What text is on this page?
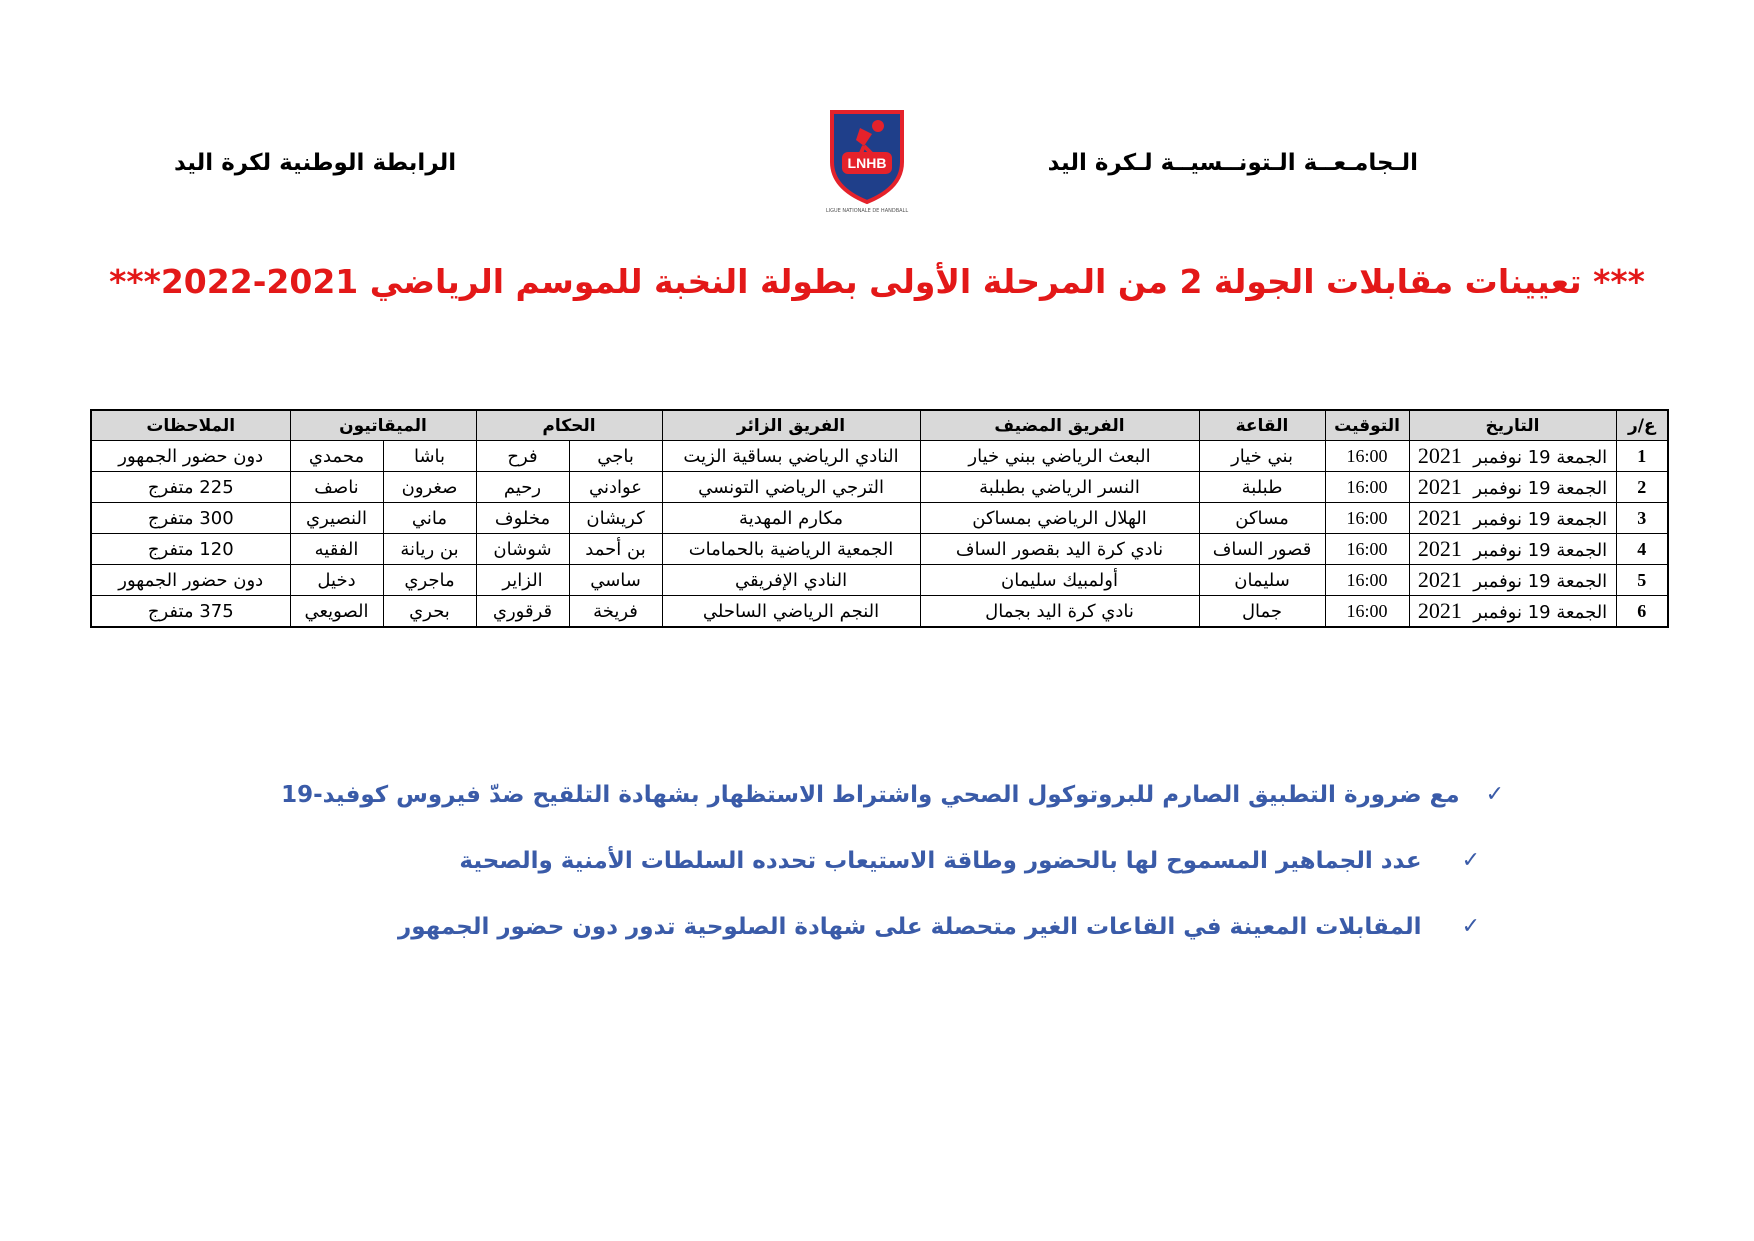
الـجامـعــة الـتونــسيــة لـكرة اليد
الرابطة الوطنية لكرة اليد	LNHB
LIGUE NATIONALE DE HANDBALL
*** تعيينات مقابلات الجولة 2 من المرحلة الأولى بطولة النخبة للموسم الرياضي 2021-2022***
ع/ر	التاريخ	التوقيت	القاعة	الفريق المضيف	الفريق الزائر	الحكام		الميقاتيون		الملاحظات
1	الجمعة 19 نوفمبر  2021	16:00	بني خيار	البعث الرياضي ببني خيار	النادي الرياضي بساقية الزيت	باجي	فرح	باشا	محمدي	دون حضور الجمهور
2	الجمعة 19 نوفمبر  2021	16:00	طبلبة	النسر الرياضي بطبلبة	الترجي الرياضي التونسي	عوادني	رحيم	صغرون	ناصف	225 متفرج
3	الجمعة 19 نوفمبر  2021	16:00	مساكن	الهلال الرياضي بمساكن	مكارم المهدية	كريشان	مخلوف	ماني	النصيري	300 متفرج
4	الجمعة 19 نوفمبر  2021	16:00	قصور الساف	نادي كرة اليد بقصور الساف	الجمعية الرياضية بالحمامات	بن أحمد	شوشان	بن ريانة	الفقيه	120 متفرج
5	الجمعة 19 نوفمبر  2021	16:00	سليمان	أولمبيك سليمان	النادي الإفريقي	ساسي	الزاير	ماجري	دخيل	دون حضور الجمهور
6	الجمعة 19 نوفمبر  2021	16:00	جمال	نادي كرة اليد بجمال	النجم الرياضي الساحلي	فريخة	قرقوري	بحري	الصويعي	375 متفرج
✓
مع ضرورة التطبيق الصارم للبروتوكول الصحي واشتراط الاستظهار بشهادة التلقيح ضدّ فيروس كوفيد-19
✓
عدد الجماهير المسموح لها بالحضور وطاقة الاستيعاب تحدده السلطات الأمنية والصحية
✓
المقابلات المعينة في القاعات الغير متحصلة على شهادة الصلوحية تدور دون حضور الجمهور
